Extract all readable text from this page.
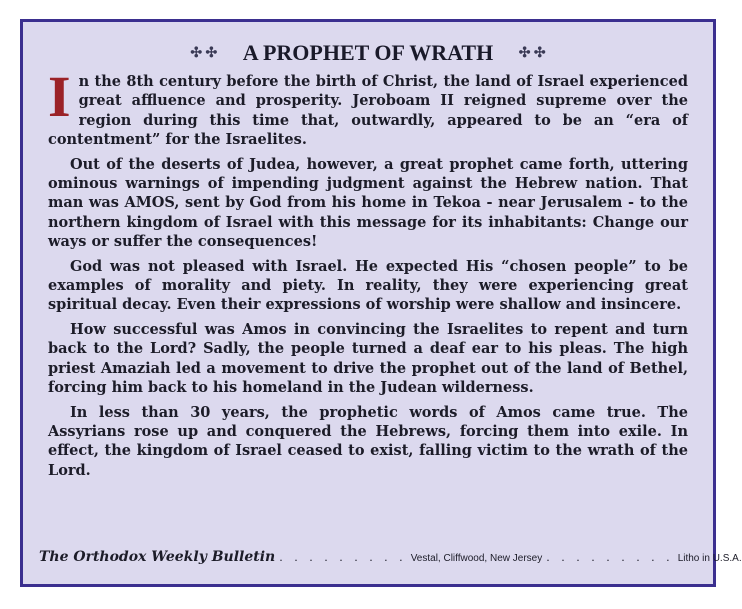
✣ ✣ A PROPHET OF WRATH ✣ ✣

I n the 8th century before the birth of Christ, the land of Israel experienced great affluence and prosperity. Jeroboam II reigned supreme over the region during this time that, outwardly, appeared to be an “era of contentment” for the Israelites.

Out of the deserts of Judea, however, a great prophet came forth, uttering ominous warnings of impending judgment against the Hebrew nation. That man was AMOS, sent by God from his home in Tekoa - near Jerusalem - to the northern kingdom of Israel with this message for its inhabitants: Change our ways or suffer the consequences!

God was not pleased with Israel. He expected His “chosen people” to be examples of morality and piety. In reality, they were experiencing great spiritual decay. Even their expressions of worship were shallow and insincere.

How successful was Amos in convincing the Israelites to repent and turn back to the Lord? Sadly, the people turned a deaf ear to his pleas. The high priest Amaziah led a movement to drive the prophet out of the land of Bethel, forcing him back to his homeland in the Judean wilderness.

In less than 30 years, the prophetic words of Amos came true. The Assyrians rose up and conquered the Hebrews, forcing them into exile. In effect, the kingdom of Israel ceased to exist, falling victim to the wrath of the Lord.

The Orthodox Weekly Bulletin . . . . . . . . . Vestal, Cliffwood, New Jersey . . . . . . . . . Litho in U.S.A.
